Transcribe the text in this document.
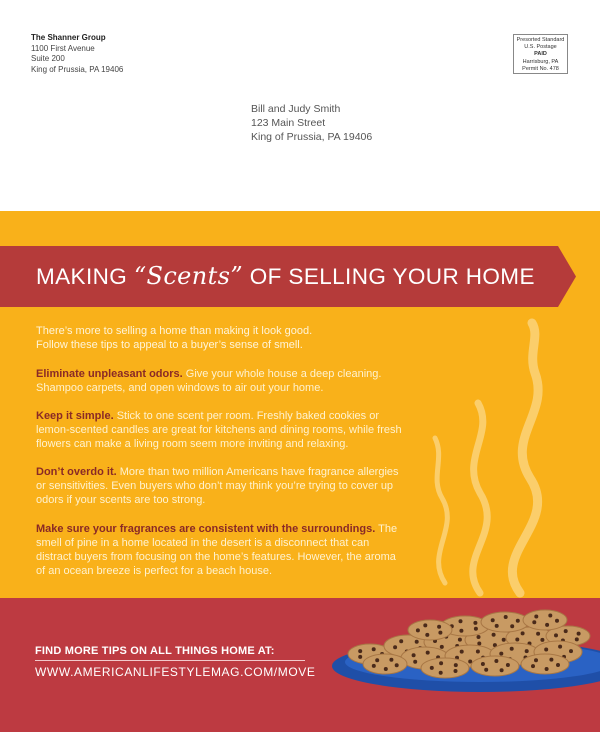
The Shanner Group
1100 First Avenue
Suite 200
King of Prussia, PA 19406
Presorted Standard
U.S. Postage
PAID
Harrisburg, PA
Permit No. 478
Bill and Judy Smith
123 Main Street
King of Prussia, PA 19406
MAKING “Scents” OF SELLING YOUR HOME
There’s more to selling a home than making it look good.
Follow these tips to appeal to a buyer’s sense of smell.
Eliminate unpleasant odors. Give your whole house a deep cleaning. Shampoo carpets, and open windows to air out your home.
Keep it simple. Stick to one scent per room. Freshly baked cookies or lemon-scented candles are great for kitchens and dining rooms, while fresh flowers can make a living room seem more inviting and relaxing.
Don’t overdo it. More than two million Americans have fragrance allergies or sensitivities. Even buyers who don’t may think you’re trying to cover up odors if your scents are too strong.
Make sure your fragrances are consistent with the surroundings. The smell of pine in a home located in the desert is a disconnect that can distract buyers from focusing on the home’s features. However, the aroma of an ocean breeze is perfect for a beach house.
FIND MORE TIPS ON ALL THINGS HOME AT:
WWW.AMERICANLIFESTYLEMAG.COM/MOVE
